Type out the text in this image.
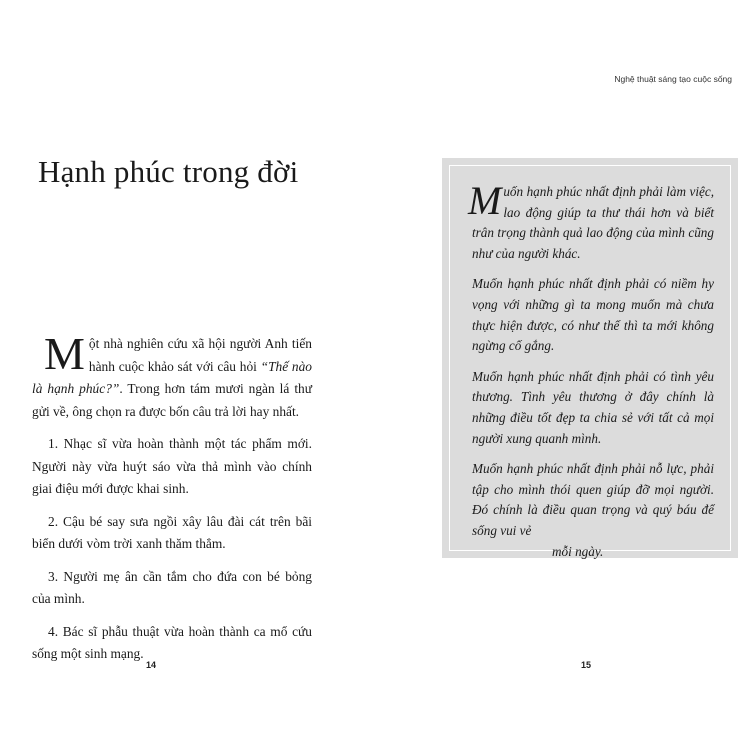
Hạnh phúc trong đời

Một nhà nghiên cứu xã hội người Anh tiến hành cuộc khảo sát với câu hỏi “Thế nào là hạnh phúc?”. Trong hơn tám mươi ngàn lá thư gửi về, ông chọn ra được bốn câu trả lời hay nhất.

1. Nhạc sĩ vừa hoàn thành một tác phẩm mới. Người này vừa huýt sáo vừa thả mình vào chính giai điệu mới được khai sinh.

2. Cậu bé say sưa ngồi xây lâu đài cát trên bãi biển dưới vòm trời xanh thăm thẳm.

3. Người mẹ ân cần tắm cho đứa con bé bỏng của mình.

4. Bác sĩ phẫu thuật vừa hoàn thành ca mổ cứu sống một sinh mạng.

14
Nghệ thuật sáng tạo cuộc sống

Muốn hạnh phúc nhất định phải làm việc, lao động giúp ta thư thái hơn và biết trân trọng thành quả lao động của mình cũng như của người khác.

Muốn hạnh phúc nhất định phải có niềm hy vọng với những gì ta mong muốn mà chưa thực hiện được, có như thế thì ta mới không ngừng cố gắng.

Muốn hạnh phúc nhất định phải có tình yêu thương. Tình yêu thương ở đây chính là những điều tốt đẹp ta chia sẻ với tất cả mọi người xung quanh mình.

Muốn hạnh phúc nhất định phải nỗ lực, phải tập cho mình thói quen giúp đỡ mọi người. Đó chính là điều quan trọng và quý báu để sống vui vẻ

mỗi ngày.

15
